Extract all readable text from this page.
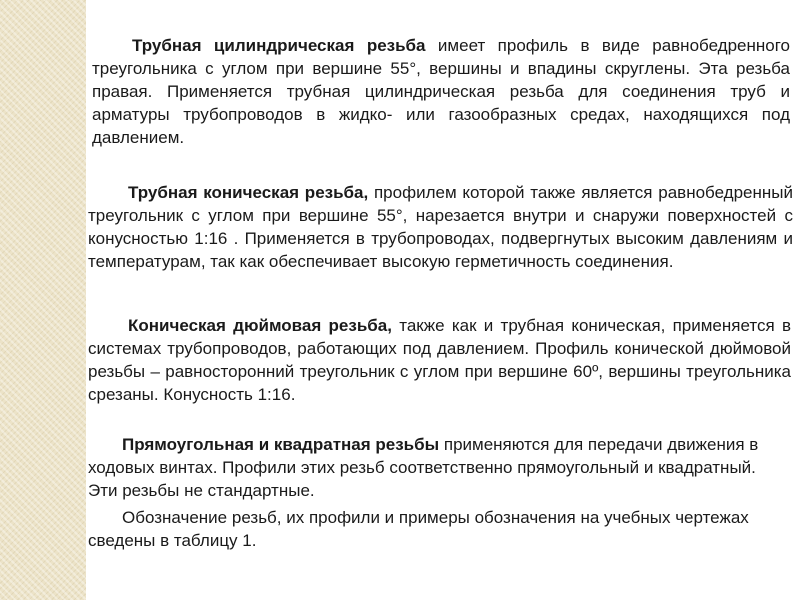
Трубная цилиндрическая резьба имеет профиль в виде равнобедренного треугольника с углом при вершине 55°, вершины и впадины скруглены. Эта резьба правая. Применяется трубная цилиндрическая резьба для соединения труб и арматуры трубопроводов в жидко- или газообразных средах, находящихся под давлением.

Трубная коническая резьба, профилем которой также является равнобедренный треугольник с углом при вершине 55°, нарезается внутри и снаружи поверхностей с конусностью 1:16 . Применяется в трубопроводах, подвергнутых высоким давлениям и температурам, так как обеспечивает высокую герметичность соединения.

Коническая дюймовая резьба, также как и трубная коническая, применяется в системах трубопроводов, работающих под давлением. Профиль конической дюймовой резьбы – равносторонний треугольник с углом при вершине 60º, вершины треугольника срезаны. Конусность 1:16.

Прямоугольная и квадратная резьбы применяются для передачи движения в ходовых винтах. Профили этих резьб соответственно прямоугольный и квадратный. Эти резьбы не стандартные.

Обозначение резьб, их профили и примеры обозначения на учебных чертежах сведены в таблицу 1.
